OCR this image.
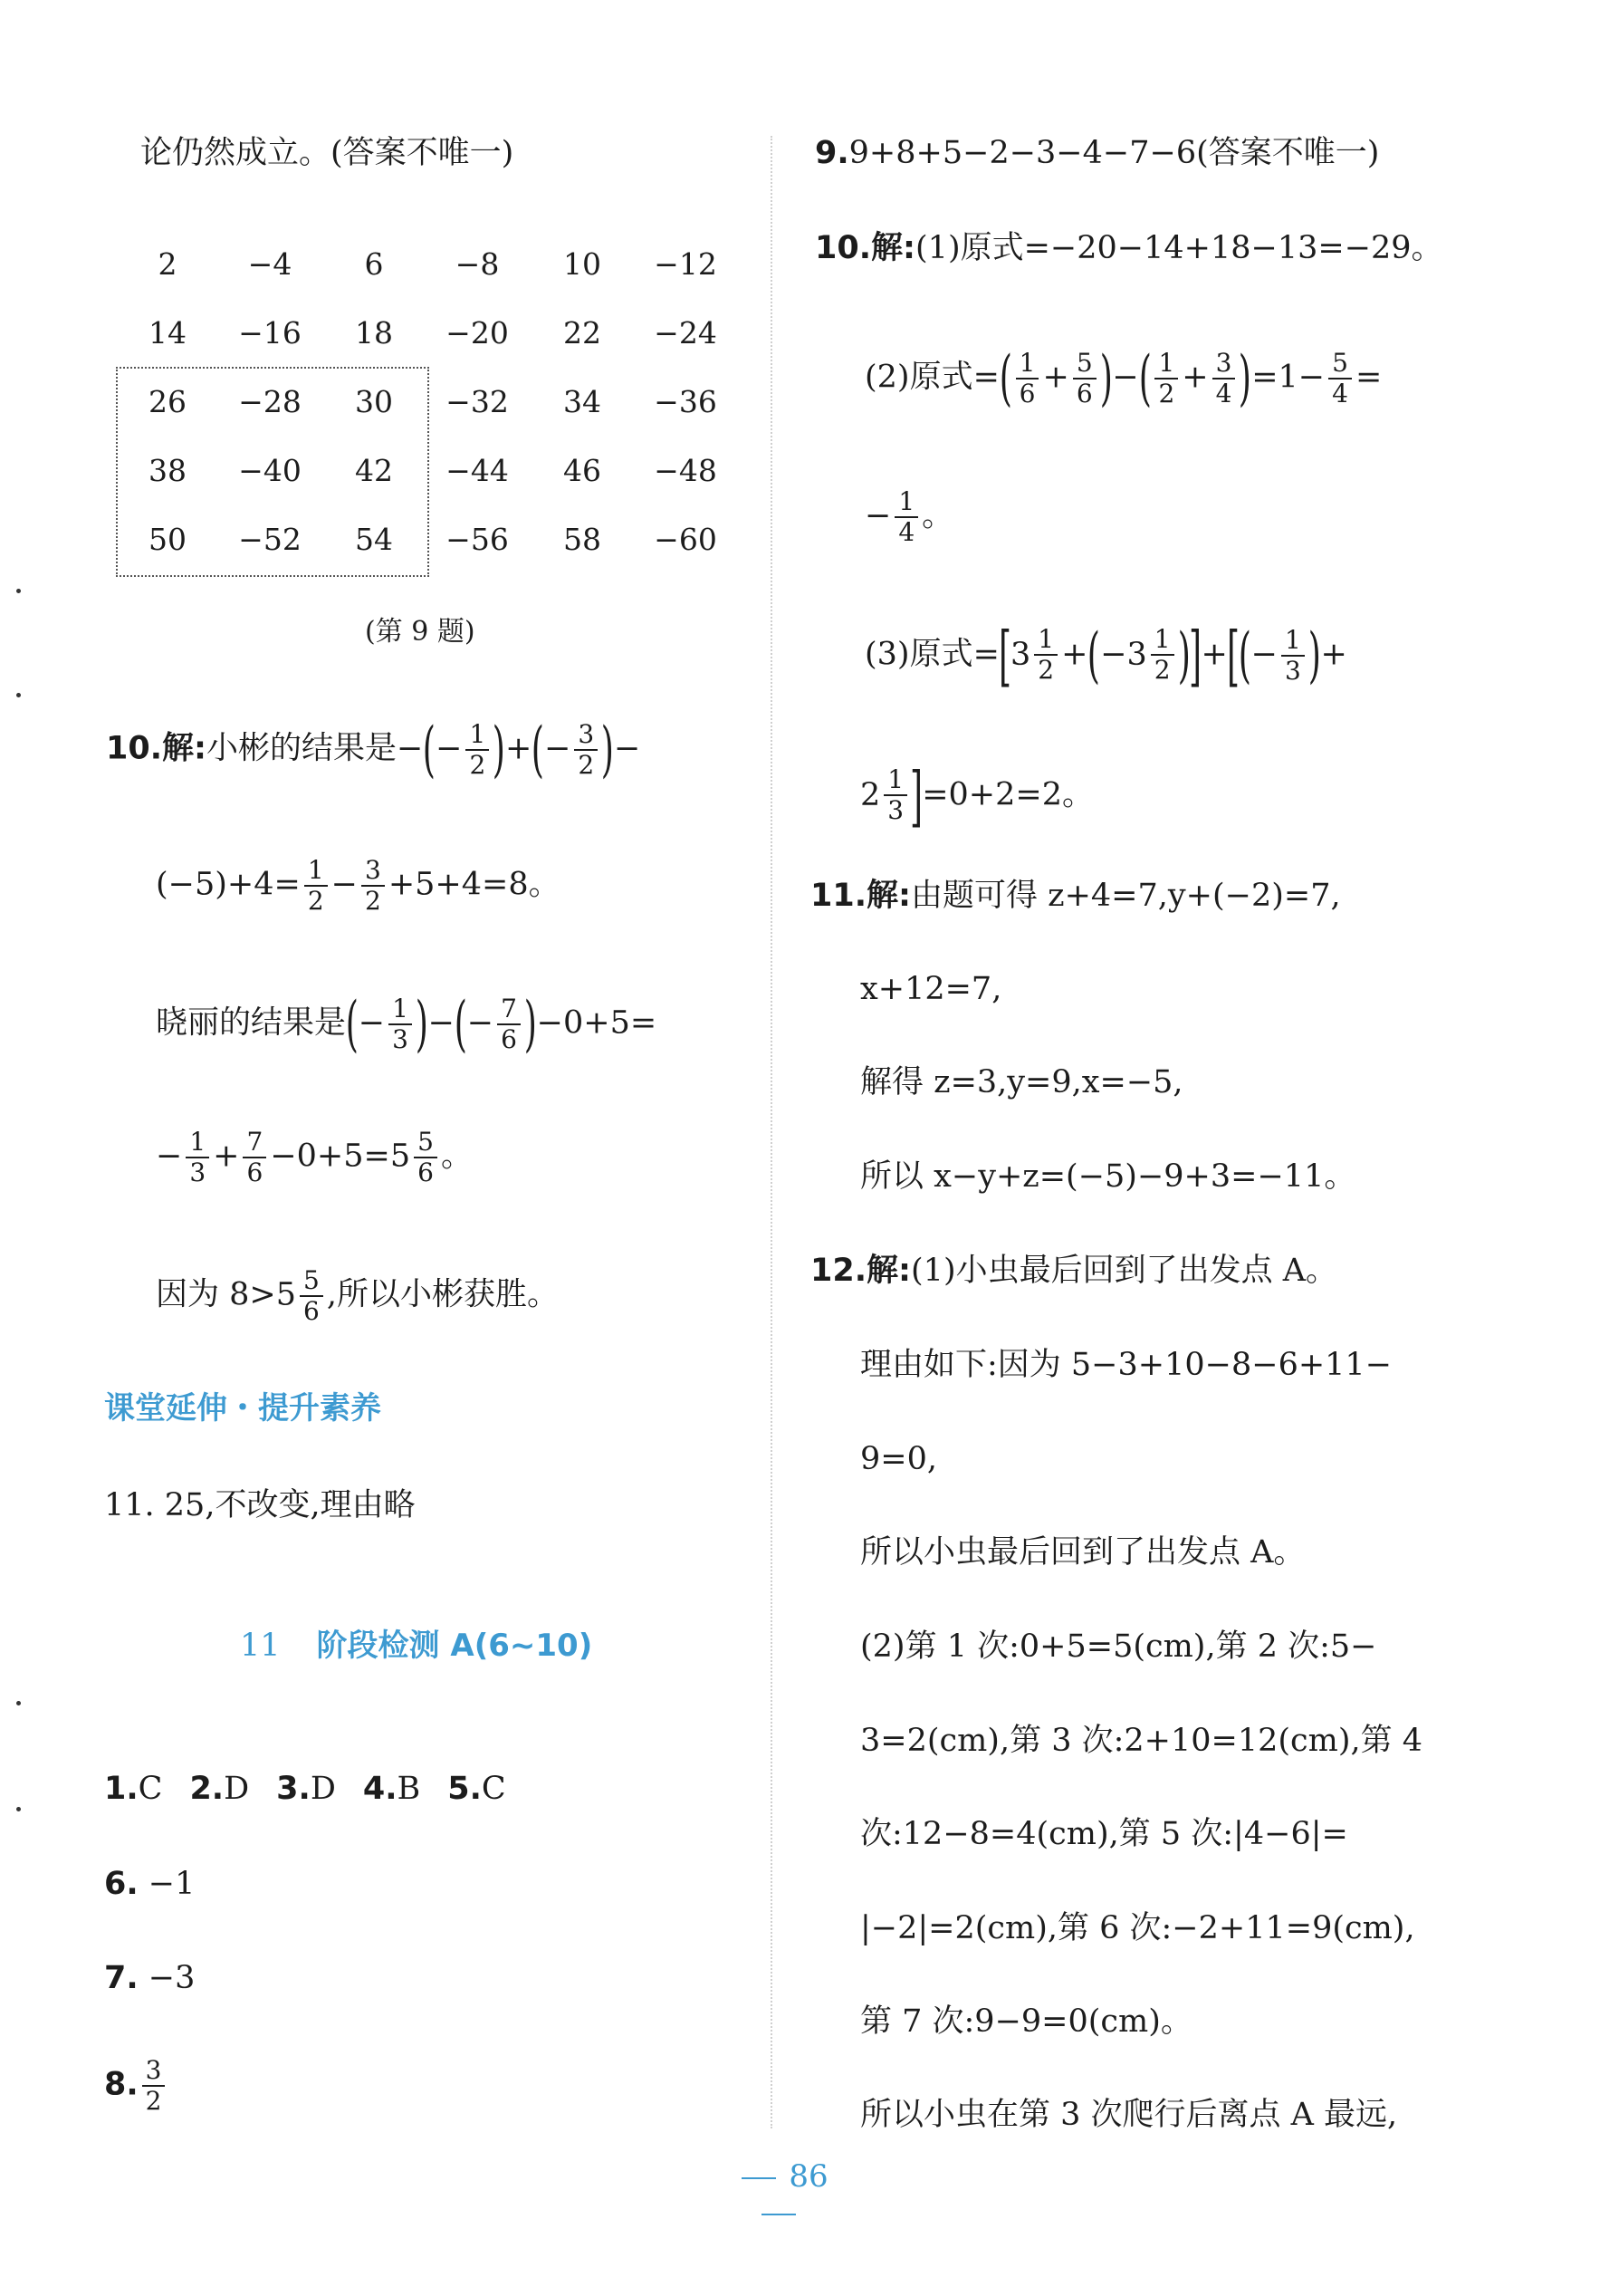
论仍然成立。(答案不唯一)
2	−4	6	−8	10	−12
14	−16	18	−20	22	−24
26	−28	30	−32	34	−36
38	−40	42	−44	46	−48
50	−52	54	−56	58	−60
(第 9 题)
10.解:小彬的结果是−(− $\frac{1}{2}$ )+(− $\frac{3}{2}$ )−
$(-5)+4= \frac{1}{2} - \frac{3}{2} +5+4=8$。
晓丽的结果是(− $\frac{1}{3}$ )−(− $\frac{7}{6} )-0+5=$
− $\frac{1}{3} + \frac{7}{6} -0+5=5 \frac{5}{6}$ 。
因为 $8>5 \frac{5}{6}$ ,所以小彬获胜。
课堂延伸・提升素养
11. 25,不改变,理由略
11 阶段检测 A(6~10)
1.C 2.D 3.D 4.B 5.C
6. −1
7. −3
8. $\frac{3}{2}$
9.9+8+5−2−3−4−7−6(答案不唯一)
10.解:(1)原式=−20−14+18−13=−29。
(2)原式=( $\frac{1}{6} + \frac{5}{6}$ )−( $\frac{1}{2} + \frac{3}{4} )=1- \frac{5}{4}$ =
− $\frac{1}{4}$ 。
(3)原式$=[3 \frac{1}{2} +(-3 \frac{1}{2}$ )]+[(− $\frac{1}{3}$ )+
$2 \frac{1}{3} ]=0+2=2$。
11.解:由题可得 z+4=7,y+(−2)=7,
x+12=7,
解得 z=3,y=9,x=−5,
所以 x−y+z=(−5)−9+3=−11。
12.解:(1)小虫最后回到了出发点 A。
理由如下:因为 5−3+10−8−6+11−
9=0,
所以小虫最后回到了出发点 A。
(2)第 1 次:0+5=5(cm),第 2 次:5−
3=2(cm),第 3 次:2+10=12(cm),第 4
次:12−8=4(cm),第 5 次:|4−6|=
|−2|=2(cm),第 6 次:−2+11=9(cm),
第 7 次:9−9=0(cm)。
所以小虫在第 3 次爬行后离点 A 最远,
86
